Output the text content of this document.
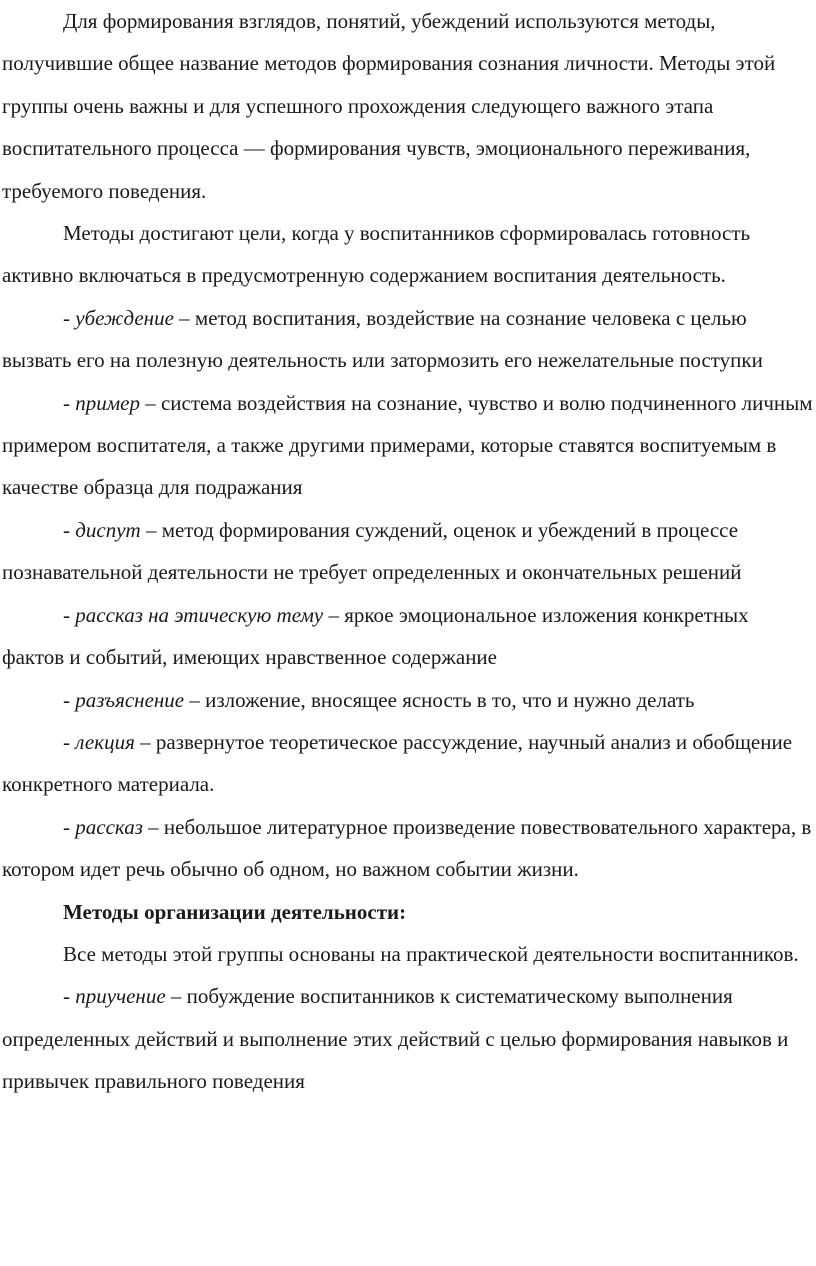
Для формирования взглядов, понятий, убеждений используются методы, получившие общее название методов формирования сознания личности. Методы этой группы очень важны и для успешного прохождения следующего важного этапа воспитательного процесса — формирования чувств, эмоционального переживания, требуемого поведения.

Методы достигают цели, когда у воспитанников сформировалась готовность активно включаться в предусмотренную содержанием воспитания деятельность.

- убеждение – метод воспитания, воздействие на сознание человека с целью вызвать его на полезную деятельность или затормозить его нежелательные поступки

- пример – система воздействия на сознание, чувство и волю подчиненного личным примером воспитателя, а также другими примерами, которые ставятся воспитуемым в качестве образца для подражания

- диспут – метод формирования суждений, оценок и убеждений в процессе познавательной деятельности не требует определенных и окончательных решений

- рассказ на этическую тему – яркое эмоциональное изложения конкретных фактов и событий, имеющих нравственное содержание

- разъяснение – изложение, вносящее ясность в то, что и нужно делать

- лекция – развернутое теоретическое рассуждение, научный анализ и обобщение конкретного материала.

- рассказ – небольшое литературное произведение повествовательного характера, в котором идет речь обычно об одном, но важном событии жизни.

Методы организации деятельности:

Все методы этой группы основаны на практической деятельности воспитанников.

- приучение – побуждение воспитанников к систематическому выполнения определенных действий и выполнение этих действий с целью формирования навыков и привычек правильного поведения
